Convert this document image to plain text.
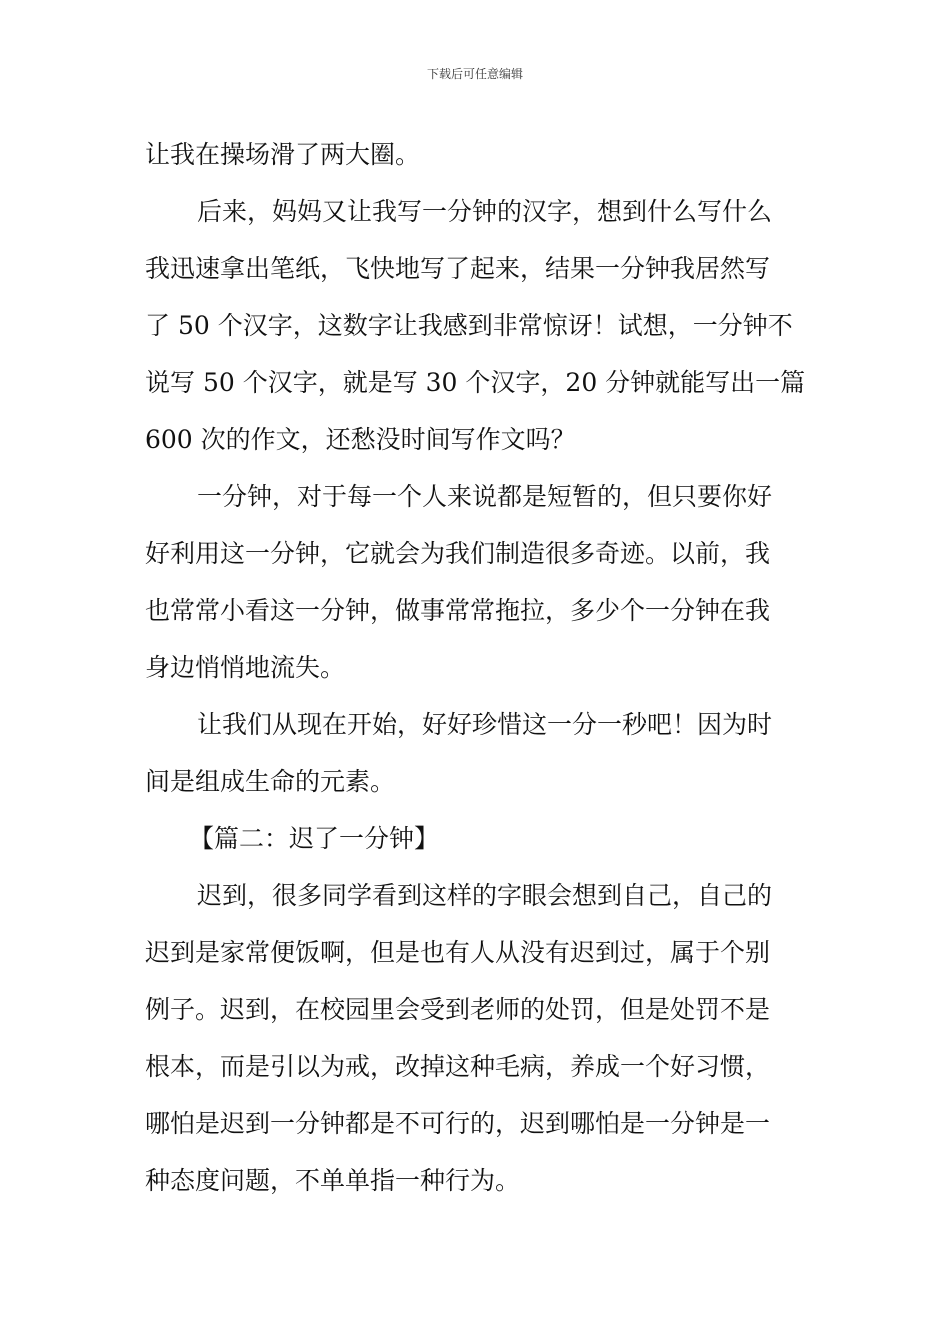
下载后可任意编辑
让我在操场滑了两大圈。
后来，妈妈又让我写一分钟的汉字，想到什么写什么
我迅速拿出笔纸，飞快地写了起来，结果一分钟我居然写
了 50 个汉字，这数字让我感到非常惊讶！试想，一分钟不
说写 50 个汉字，就是写 30 个汉字，20 分钟就能写出一篇
600 次的作文，还愁没时间写作文吗？
一分钟，对于每一个人来说都是短暂的，但只要你好
好利用这一分钟，它就会为我们制造很多奇迹。以前，我
也常常小看这一分钟，做事常常拖拉，多少个一分钟在我
身边悄悄地流失。
让我们从现在开始，好好珍惜这一分一秒吧！因为时
间是组成生命的元素。
【篇二：迟了一分钟】
迟到，很多同学看到这样的字眼会想到自己，自己的
迟到是家常便饭啊，但是也有人从没有迟到过，属于个别
例子。迟到，在校园里会受到老师的处罚，但是处罚不是
根本，而是引以为戒，改掉这种毛病，养成一个好习惯，
哪怕是迟到一分钟都是不可行的，迟到哪怕是一分钟是一
种态度问题，不单单指一种行为。
